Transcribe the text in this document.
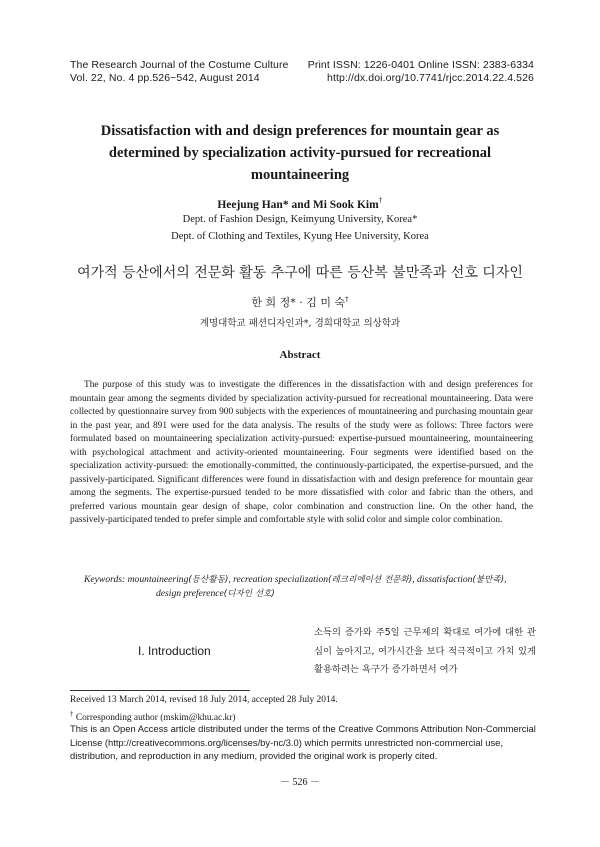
The Research Journal of the Costume Culture Print ISSN: 1226-0401 Online ISSN: 2383-6334
Vol. 22, No. 4 pp.526~542, August 2014	http://dx.doi.org/10.7741/rjcc.2014.22.4.526
Dissatisfaction with and design preferences for mountain gear as
determined by specialization activity-pursued for recreational
mountaineering
Heejung Han* and Mi Sook Kim†
Dept. of Fashion Design, Keimyung University, Korea*
Dept. of Clothing and Textiles, Kyung Hee University, Korea
여가적 등산에서의 전문화 활동 추구에 따른 등산복 불만족과 선호 디자인
한 희 정* · 김 미 숙†
계명대학교 패션디자인과*, 경희대학교 의상학과
Abstract
The purpose of this study was to investigate the differences in the dissatisfaction with and design preferences for mountain gear among the segments divided by specialization activity-pursued for recreational mountaineering. Data were collected by questionnaire survey from 900 subjects with the experiences of mountaineering and purchasing mountain gear in the past year, and 891 were used for the data analysis. The results of the study were as follows: Three factors were formulated based on mountaineering specialization activity-pursued: expertise-pursued mountaineering, mountaineering with psychological attachment and activity-oriented mountaineering. Four segments were identified based on the specialization activity-pursued: the emotionally-committed, the continuously-participated, the expertise-pursued, and the passively-participated. Significant differences were found in dissatisfaction with and design preference for mountain gear among the segments. The expertise-pursued tended to be more dissatisfied with color and fabric than the others, and preferred various mountain gear design of shape, color combination and construction line. On the other hand, the passively-participated tended to prefer simple and comfortable style with solid color and simple color combination.
Keywords: mountaineering(등산활동), recreation specialization(레크리에이션 전문화), dissatisfaction(불만족),
design preference(디자인 선호)
I. Introduction
소득의 증가와 주5일 근무제의 확대로 여가에 대한 관심이 높아지고, 여가시간을 보다 적극적이고 가치 있게 활용하려는 욕구가 증가하면서 여가
Received 13 March 2014, revised 18 July 2014, accepted 28 July 2014.
† Corresponding author (mskim@khu.ac.kr)
This is an Open Access article distributed under the terms of the Creative Commons Attribution Non-Commercial License (http://creativecommons.org/licenses/by-nc/3.0) which permits unrestricted non-commercial use, distribution, and reproduction in any medium, provided the original work is properly cited.
－ 526 －
